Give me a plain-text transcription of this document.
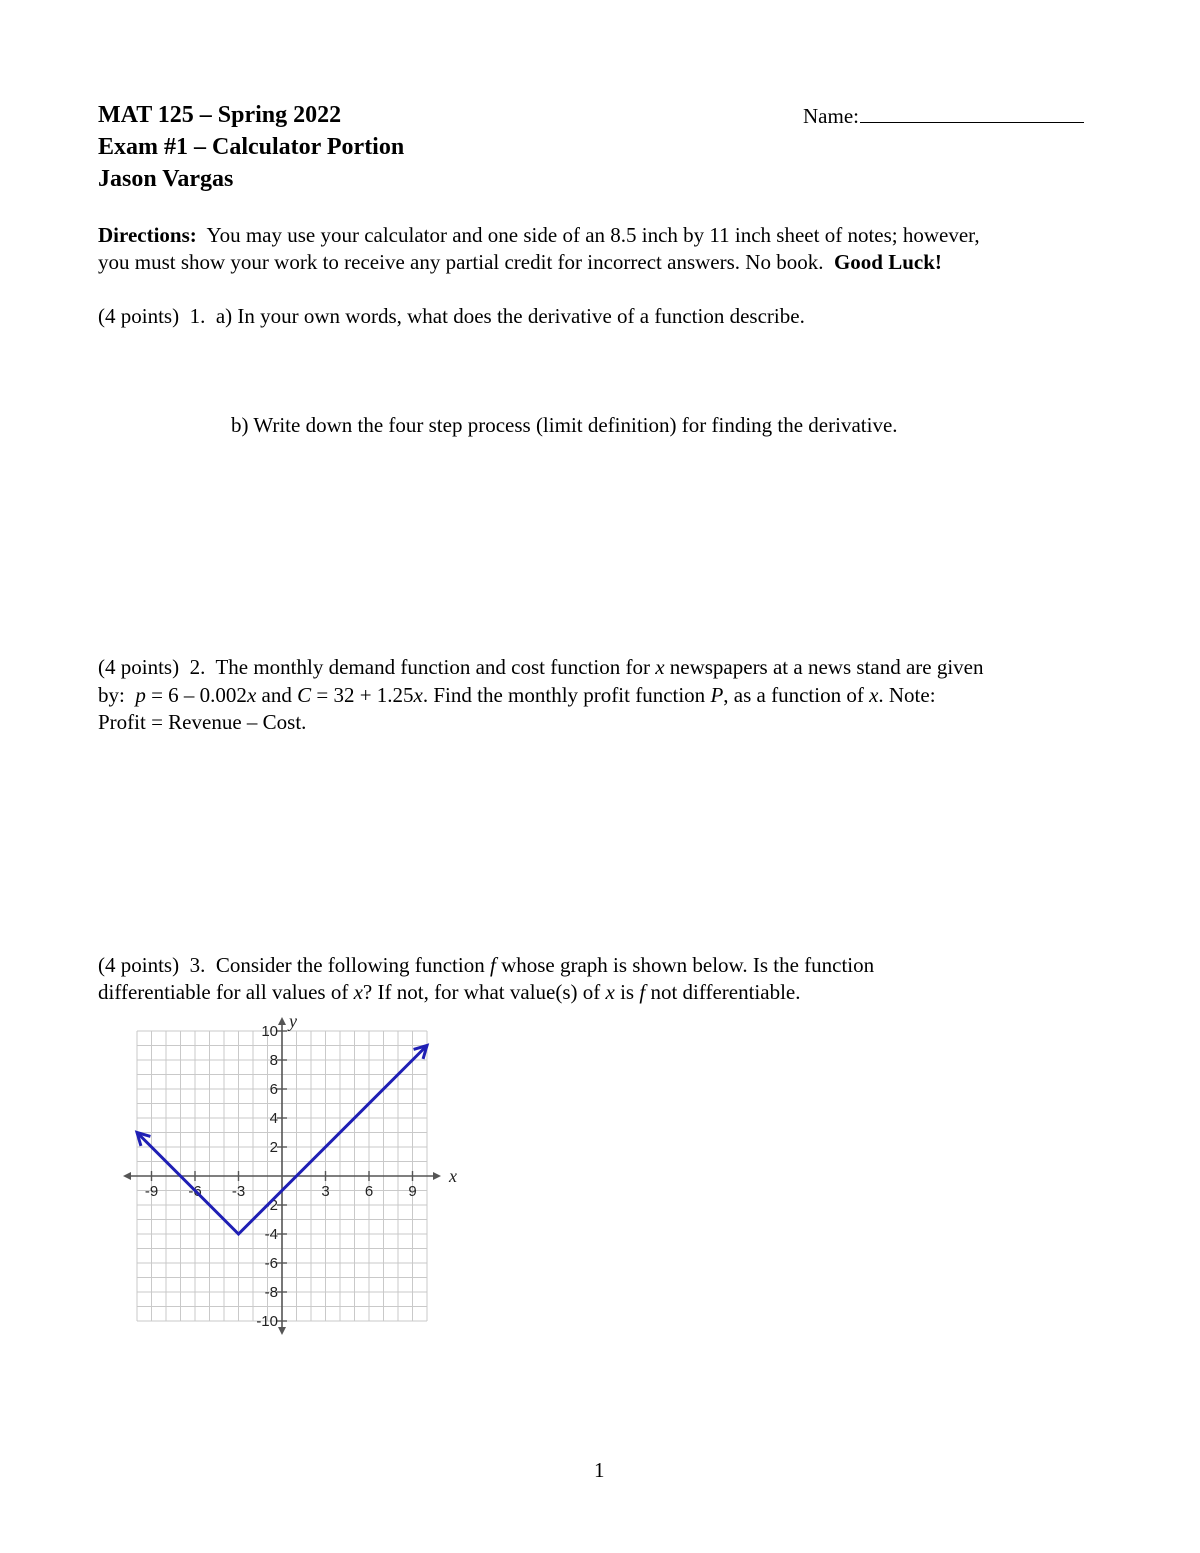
MAT 125 – Spring 2022
Exam #1 – Calculator Portion
Jason Vargas
Name:
Directions: You may use your calculator and one side of an 8.5 inch by 11 inch sheet of notes; however,
you must show your work to receive any partial credit for incorrect answers. No book. Good Luck!
(4 points) 1. a) In your own words, what does the derivative of a function describe.
b) Write down the four step process (limit definition) for finding the derivative.
(4 points) 2. The monthly demand function and cost function for x newspapers at a news stand are given
by: p = 6 – 0.002x and C = 32 + 1.25x. Find the monthly profit function P, as a function of x. Note:
Profit = Revenue – Cost.
(4 points) 3. Consider the following function f whose graph is shown below. Is the function
differentiable for all values of x? If not, for what value(s) of x is f not differentiable.
-9 -6 -3	3 6 9
10
8
6
4
2
-2
-4
-6
-8
-10
x
y
1
